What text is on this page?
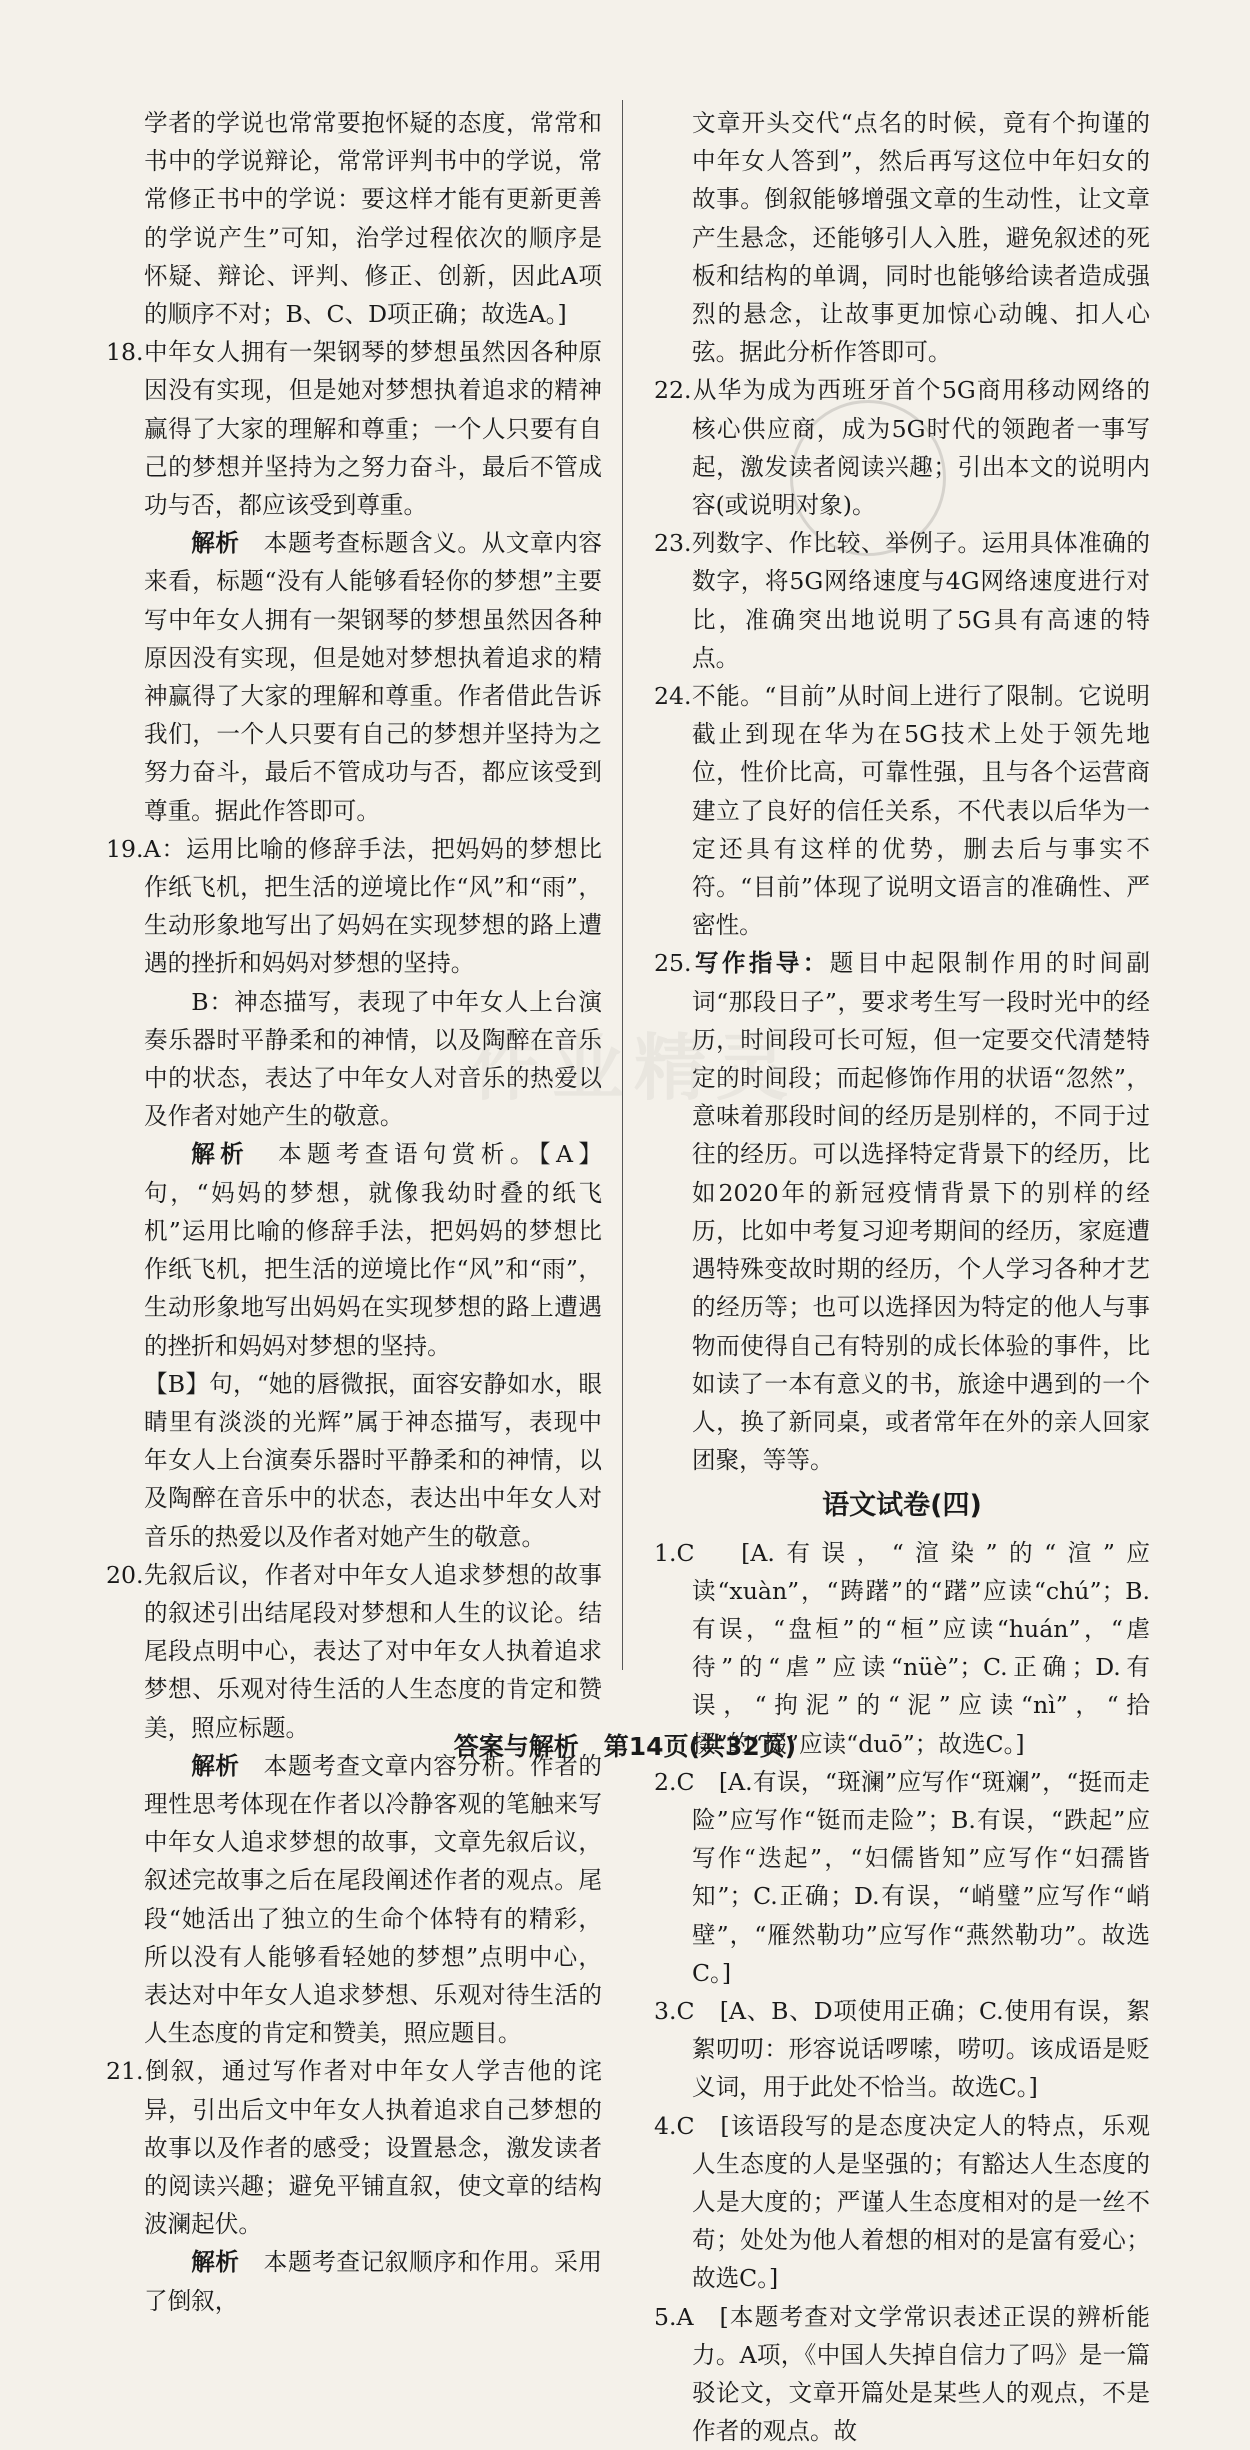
学者的学说也常常要抱怀疑的态度，常常和书中的学说辩论，常常评判书中的学说，常常修正书中的学说：要这样才能有更新更善的学说产生”可知，治学过程依次的顺序是怀疑、辩论、评判、修正、创新，因此A项的顺序不对；B、C、D项正确；故选A。]

18.中年女人拥有一架钢琴的梦想虽然因各种原因没有实现，但是她对梦想执着追求的精神赢得了大家的理解和尊重；一个人只要有自己的梦想并坚持为之努力奋斗，最后不管成功与否，都应该受到尊重。

解析　 本题考查标题含义。从文章内容来看，标题“没有人能够看轻你的梦想”主要写中年女人拥有一架钢琴的梦想虽然因各种原因没有实现，但是她对梦想执着追求的精神赢得了大家的理解和尊重。作者借此告诉我们，一个人只要有自己的梦想并坚持为之努力奋斗，最后不管成功与否，都应该受到尊重。据此作答即可。

19.A：运用比喻的修辞手法，把妈妈的梦想比作纸飞机，把生活的逆境比作“风”和“雨”，生动形象地写出了妈妈在实现梦想的路上遭遇的挫折和妈妈对梦想的坚持。

B：神态描写，表现了中年女人上台演奏乐器时平静柔和的神情，以及陶醉在音乐中的状态，表达了中年女人对音乐的热爱以及作者对她产生的敬意。

解析　 本题考查语句赏析。【A】句，“妈妈的梦想，就像我幼时叠的纸飞机”运用比喻的修辞手法，把妈妈的梦想比作纸飞机，把生活的逆境比作“风”和“雨”，生动形象地写出妈妈在实现梦想的路上遭遇的挫折和妈妈对梦想的坚持。

【B】句，“她的唇微抿，面容安静如水，眼睛里有淡淡的光辉”属于神态描写，表现中年女人上台演奏乐器时平静柔和的神情，以及陶醉在音乐中的状态，表达出中年女人对音乐的热爱以及作者对她产生的敬意。

20.先叙后议，作者对中年女人追求梦想的故事的叙述引出结尾段对梦想和人生的议论。结尾段点明中心，表达了对中年女人执着追求梦想、乐观对待生活的人生态度的肯定和赞美，照应标题。

解析　 本题考查文章内容分析。作者的理性思考体现在作者以冷静客观的笔触来写中年女人追求梦想的故事，文章先叙后议，叙述完故事之后在尾段阐述作者的观点。尾段“她活出了独立的生命个体特有的精彩，所以没有人能够看轻她的梦想”点明中心，表达对中年女人追求梦想、乐观对待生活的人生态度的肯定和赞美，照应题目。

21.倒叙，通过写作者对中年女人学吉他的诧异，引出后文中年女人执着追求自己梦想的故事以及作者的感受；设置悬念，激发读者的阅读兴趣；避免平铺直叙，使文章的结构波澜起伏。

解析　 本题考查记叙顺序和作用。采用了倒叙，

文章开头交代“点名的时候，竟有个拘谨的中年女人答到”，然后再写这位中年妇女的故事。倒叙能够增强文章的生动性，让文章产生悬念，还能够引人入胜，避免叙述的死板和结构的单调，同时也能够给读者造成强烈的悬念，让故事更加惊心动魄、扣人心弦。据此分析作答即可。

22.从华为成为西班牙首个5G商用移动网络的核心供应商，成为5G时代的领跑者一事写起，激发读者阅读兴趣；引出本文的说明内容(或说明对象)。

23.列数字、作比较、举例子。运用具体准确的数字，将5G网络速度与4G网络速度进行对比，准确突出地说明了5G具有高速的特点。

24.不能。“目前”从时间上进行了限制。它说明截止到现在华为在5G技术上处于领先地位，性价比高，可靠性强，且与各个运营商建立了良好的信任关系，不代表以后华为一定还具有这样的优势，删去后与事实不符。“目前”体现了说明文语言的准确性、严密性。

25.写作指导：题目中起限制作用的时间副词“那段日子”，要求考生写一段时光中的经历，时间段可长可短，但一定要交代清楚特定的时间段；而起修饰作用的状语“忽然”，意味着那段时间的经历是别样的，不同于过往的经历。可以选择特定背景下的经历，比如2020年的新冠疫情背景下的别样的经历，比如中考复习迎考期间的经历，家庭遭遇特殊变故时期的经历，个人学习各种才艺的经历等；也可以选择因为特定的他人与事物而使得自己有特别的成长体验的事件，比如读了一本有意义的书，旅途中遇到的一个人，换了新同桌，或者常年在外的亲人回家团聚，等等。

语文试卷(四)

1.C　[A.有误，“渲染”的“渲”应读“xuàn”，“踌躇”的“躇”应读“chú”；B.有误，“盘桓”的“桓”应读“huán”，“虐待”的“虐”应读“nüè”；C.正确；D.有误，“拘泥”的“泥”应读“nì”，“拾掇”的“掇”应读“duō”；故选C。]

2.C　[A.有误，“斑澜”应写作“斑斓”，“挺而走险”应写作“铤而走险”；B.有误，“跌起”应写作“迭起”，“妇儒皆知”应写作“妇孺皆知”；C.正确；D.有误，“峭璧”应写作“峭壁”，“雁然勒功”应写作“燕然勒功”。故选C。]

3.C　[A、B、D项使用正确；C.使用有误，絮絮叨叨：形容说话啰嗦，唠叨。该成语是贬义词，用于此处不恰当。故选C。]

4.C　[该语段写的是态度决定人的特点，乐观人生态度的人是坚强的；有豁达人生态度的人是大度的；严谨人生态度相对的是一丝不苟；处处为他人着想的相对的是富有爱心；故选C。]

5.A　[本题考查对文学常识表述正误的辨析能力。A项，《中国人失掉自信力了吗》是一篇驳论文，文章开篇处是某些人的观点，不是作者的观点。故

作业精灵
答案与解析　第14页(共32页)
